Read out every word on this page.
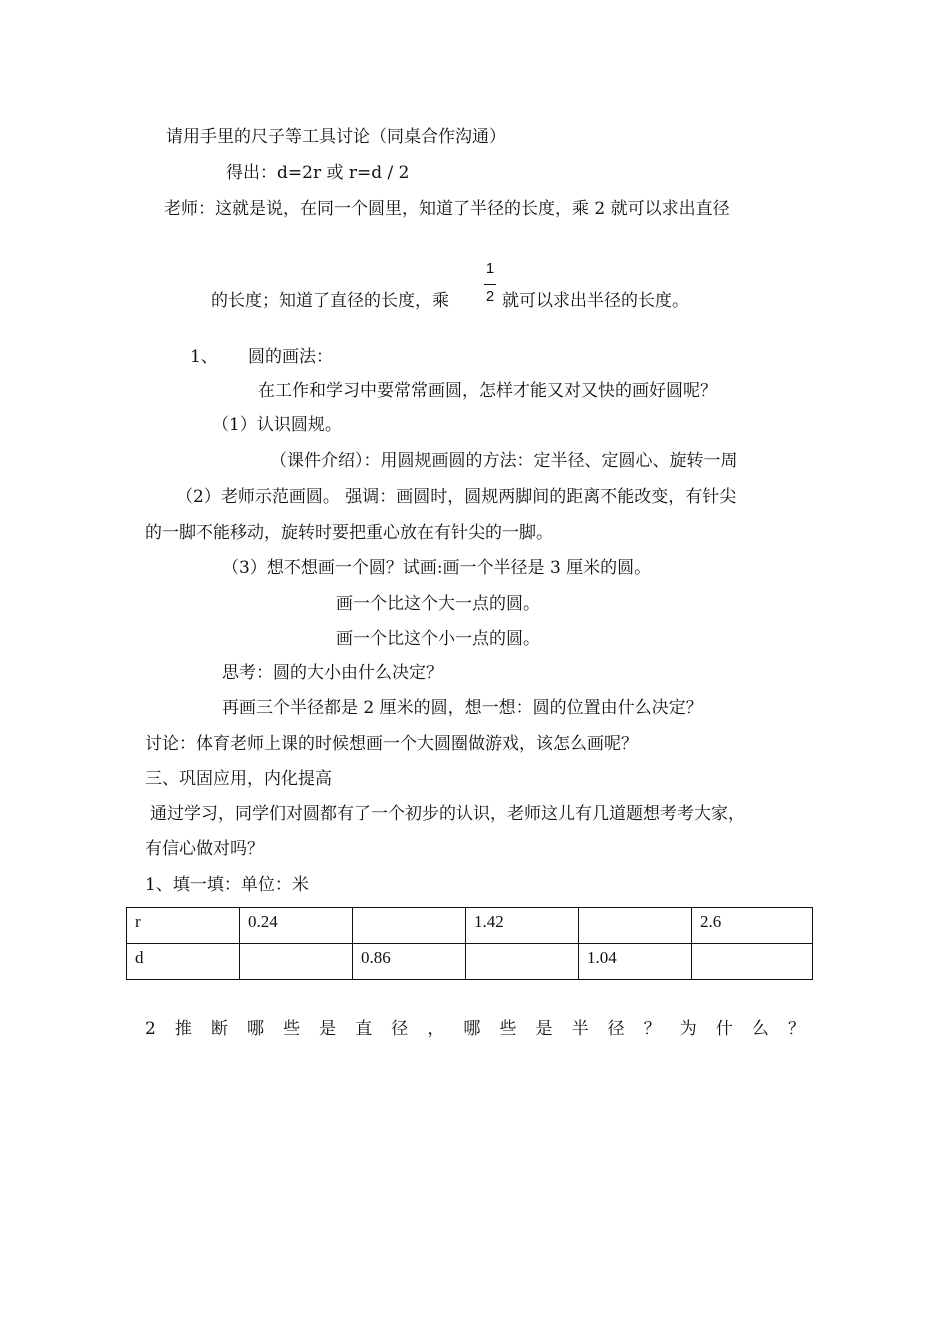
请用手里的尺子等工具讨论（同桌合作沟通）
得出：d=2r 或 r=d / 2
老师：这就是说，在同一个圆里，知道了半径的长度，乘 2 就可以求出直径
的长度；知道了直径的长度，乘
1
2 就可以求出半径的长度。
1、 圆的画法：
在工作和学习中要常常画圆，怎样才能又对又快的画好圆呢？
（1）认识圆规。
（课件介绍）：用圆规画圆的方法：定半径、定圆心、旋转一周
（2）老师示范画圆。 强调：画圆时，圆规两脚间的距离不能改变，有针尖
的一脚不能移动，旋转时要把重心放在有针尖的一脚。
（3）想不想画一个圆？试画:画一个半径是 3 厘米的圆。
画一个比这个大一点的圆。
画一个比这个小一点的圆。
思考：圆的大小由什么决定？
再画三个半径都是 2 厘米的圆，想一想：圆的位置由什么决定？
讨论：体育老师上课的时候想画一个大圆圈做游戏，该怎么画呢？
三、巩固应用，内化提高
通过学习，同学们对圆都有了一个初步的认识，老师这儿有几道题想考考大家，
有信心做对吗？
1、填一填：单位：米
r	0.24		1.42		2.6

d		0.86		1.04	

2 推 断 哪 些 是 直 径 ， 哪 些 是 半 径 ？ 为 什 么 ？
